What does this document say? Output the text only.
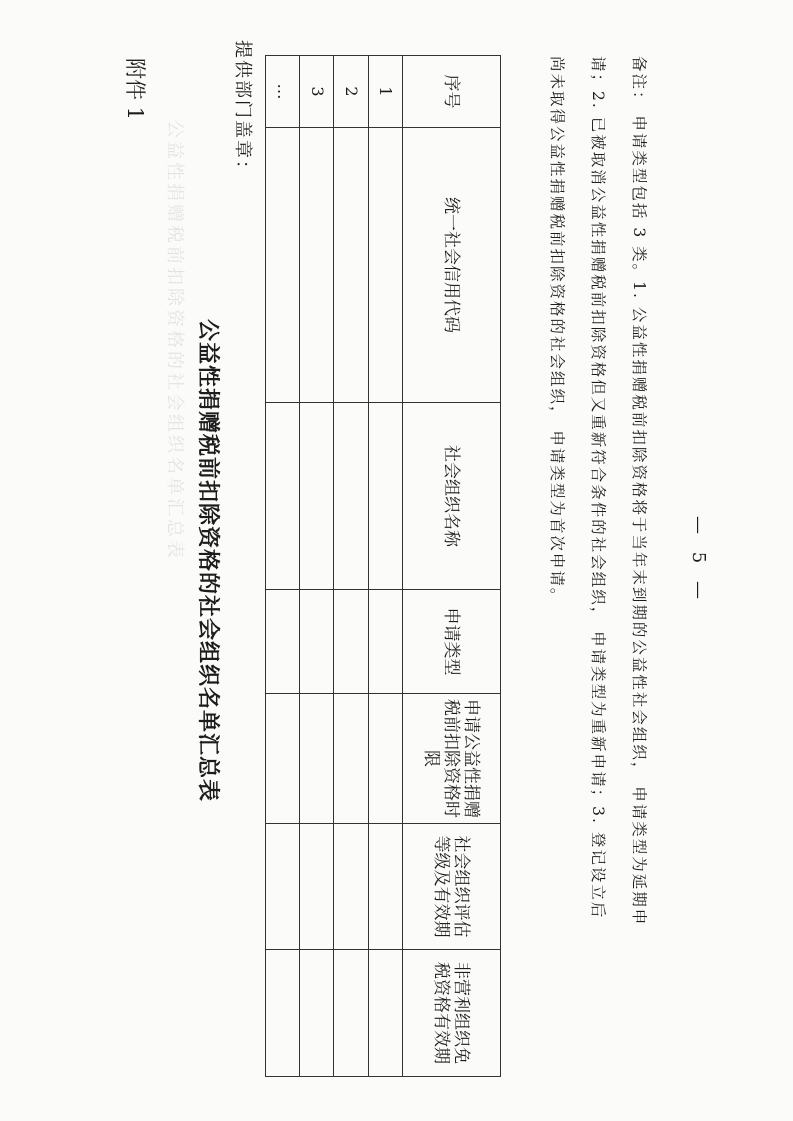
公益性捐赠税前扣除资格的社会组织名单汇总表
附件 1
公益性捐赠税前扣除资格的社会组织名单汇总表
提供部门盖章：	序号	统一社会信用代码	社会组织名称	申请类型	申请公益性捐赠税前扣除资格时限	社会组织评估等级及有效期	非营利组织免税资格有效期
1						
2						
3						
…							备注： 申请类型包括 3 类。1. 公益性捐赠税前扣除资格将于当年末到期的公益性社会组织， 申请类型为延期申
请；2. 已被取消公益性捐赠税前扣除资格但又重新符合条件的社会组织， 申请类型为重新申请；3. 登记设立后
尚未取得公益性捐赠税前扣除资格的社会组织， 申请类型为首次申请。	— 5 —
